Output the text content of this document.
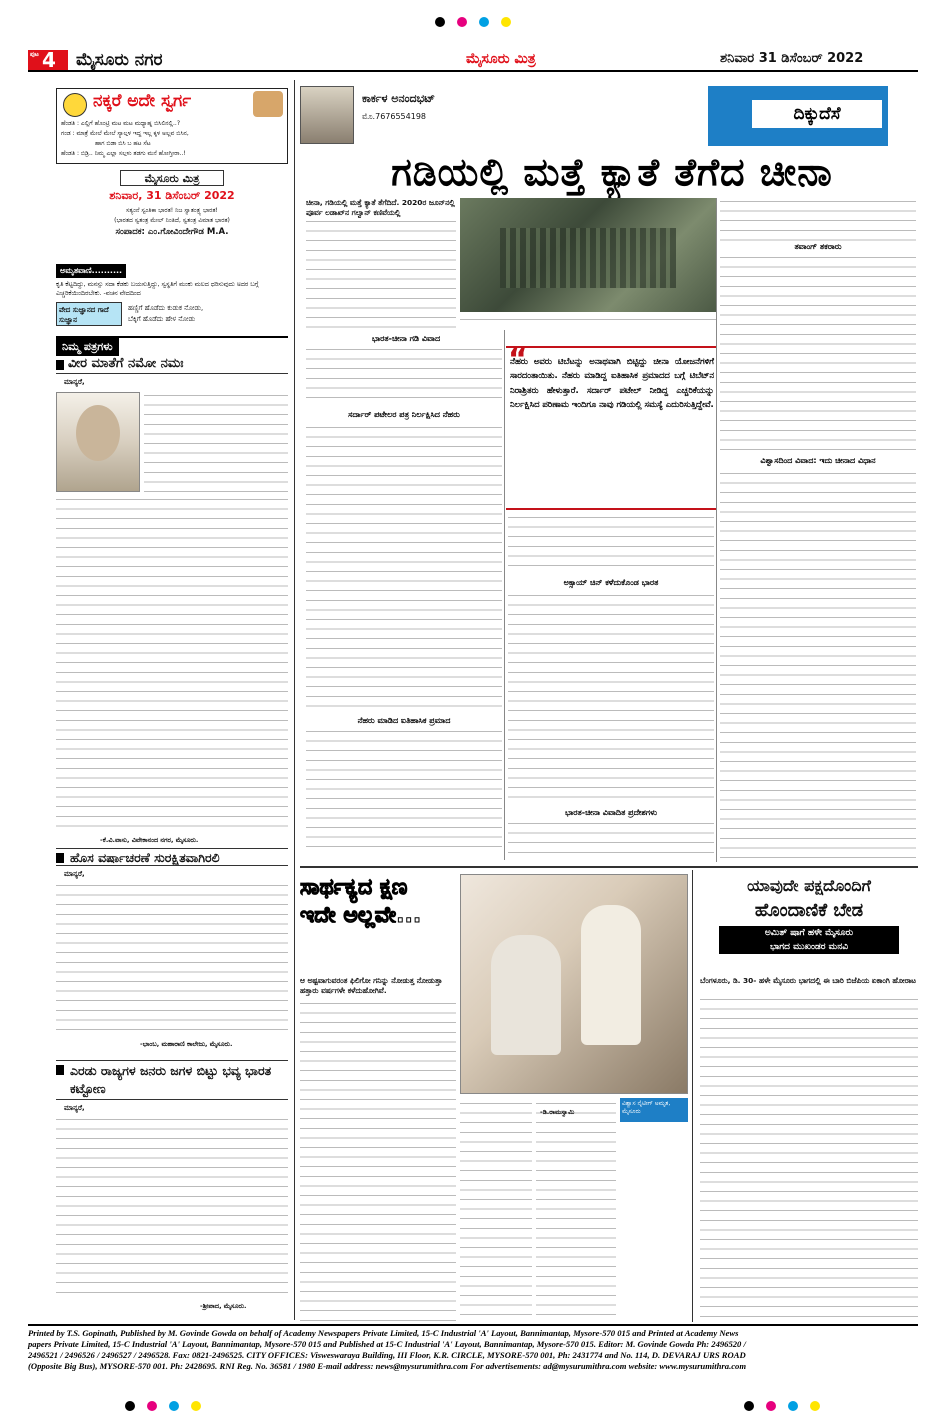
ಪುಟ 4 ಮೈಸೂರು ನಗರ	ಮೈಸೂರು ಮಿತ್ರ	ಶನಿವಾರ 31 ಡಿಸೆಂಬರ್ 2022
ನಕ್ಕರೆ ಅದೇ ಸ್ವರ್ಗ
ಹೆಂಡತಿ : ಎಲ್ಲಿಗೆ ಹೊಂಟ್ರಿ ಮಟ ಮಟ ಮಧ್ಯಾಹ್ನ ಬಿಸಿಲಿನಲ್ಲಿ..?
ಗಂಡ : ಮಾತ್ರೆ ಮೇಲೆ ಮೇಲೆ ಸ್ಯಾಲ್ಗಳ ಇದ್ದ ಇಲ್ಲ ಕ್ಕಳ ಅಲ್ಲವ ಬಿಸಿನ,
ಹಾಗ ಬಿಡಾ ಬಿಸಿ ಬ ಹಟ ಸೆಟ
ಹೆಂಡತಿ : ಬಿಡ್ರಿ.. ನಿಮ್ಮ ಎಲ್ಲಾ ಸಲ್ಗಳು ತಡಗು ಮನೆ ಹೋಗ್ತೀರಾ..!
ಮೈಸೂರು ಮಿತ್ರ
ಶನಿವಾರ, 31 ಡಿಸೆಂಬರ್ 2022
ಸತ್ಯಂನೆ ಸ್ವಂತಿಕಾ ಭಾರತ! ನಿಜ ಸ್ವಾತಂತ್ರ್ಯ ಭಾರತ!
(ಭಾರತದ ಸ್ವತಂತ್ರ ಮೇಲ್ ನಿಂತಿದೆ, ಸ್ವತಂತ್ರ ವಿಮಾತ ಭಾರತ)
ಸಂಪಾದಕ: ಎಂ.ಗೋವಿಂದೇಗೌಡ M.A.
ಅಮೃತವಾಣಿ..........
ಕೃತಿ ಕೆಟ್ಟದಿದ್ದು, ಮನಸ್ಸು ಸದಾ ಕೆಡಕು ಬಯಸುತ್ತಿದ್ದು, ಸ್ವಸ್ಥತಿಗೆ ಮಂಕು ಮಲದ ಧರಿಸುವುದು ಅದರ ಬಗ್ಗೆ ಎಚ್ಚರಿಕೆಯಿಂದಿರಬೇಕು. -ವಚನ ವೇದದಿಂದ
ವೇದ ಸುಜ್ಞಾನದ ಗಾದೆ ಸುಜ್ಞಾನ
ಹಣ್ಣಿಗೆ ಹೊಡೆದು ಕುಡುಕ ನೋಡು,
ಬೆಕ್ಕಿಗೆ ಹೊಡೆದು ಹೇಳ ನೋಡು
ನಿಮ್ಮ ಪತ್ರಗಳು
ವೀರ ಮಾತೆಗೆ ನಮೋ ನಮಃ
ಮಾನ್ಯರೆ,
-ಕೆ.ವಿ.ವಾಸು, ವಿವೇಕಾನಂದ ನಗರ, ಮೈಸೂರು.
ಹೊಸ ವರ್ಷಾಚರಣೆ ಸುರಕ್ಷಿತವಾಗಿರಲಿ
ಮಾನ್ಯರೆ,
-ಭಾಂಬ, ಮಹಾರಾಣಿ ಕಾಲೇಜು, ಮೈಸೂರು.
ಎರಡು ರಾಜ್ಯಗಳ ಜನರು ಜಗಳ ಬಿಟ್ಟು ಭವ್ಯ ಭಾರತ ಕಟ್ಟೋಣ
ಮಾನ್ಯರೆ,
-ಶ್ರೀಪಾದ, ಮೈಸೂರು.
ಕಾರ್ಕಳ ಅನಂದಭಟ್
ಮೊ.7676554198	ದಿಕ್ಕುದೆಸೆ
ಗಡಿಯಲ್ಲಿ ಮತ್ತೆ ಕ್ಯಾತೆ ತೆಗೆದ ಚೀನಾ
ಚೀನಾ, ಗಡಿಯಲ್ಲಿ ಮತ್ತೆ ಕ್ಯಾತೆ ತೆಗೆದಿದೆ. 2020ರ ಜೂನ್‌ನಲ್ಲಿ ಪೂರ್ವ ಲಡಾಖ್‌ನ ಗಲ್ವಾನ್ ಕಣಿವೆಯಲ್ಲಿ
ತವಾಂಗ್ ತಕರಾರು
“
ನೆಹರು ಅವರು ಟಿಬೆಟನ್ನು ಅನಾಥವಾಗಿ ಬಿಟ್ಟಿದ್ದು ಚೀನಾ ಯೋಜನೆಗಳಿಗೆ ಸಾರದಂತಾಯಿತು. ನೆಹರು ಮಾಡಿದ್ದ ಐತಿಹಾಸಿಕ ಪ್ರಮಾದದ ಬಗ್ಗೆ ಟಿಬೆಟ್‌ನ ನಿರಾಶ್ರಿತರು ಹೇಳುತ್ತಾರೆ. ಸರ್ದಾರ್ ಪಟೇಲ್ ನೀಡಿದ್ದ ಎಚ್ಚರಿಕೆಯನ್ನು ನಿರ್ಲಕ್ಷಿಸಿದ ಪರಿಣಾಮ ಇಂದಿಗೂ ನಾವು ಗಡಿಯಲ್ಲಿ ಸಮಸ್ಯೆ ಎದುರಿಸುತ್ತಿದ್ದೇವೆ.
ಭಾರತ-ಚೀನಾ ಗಡಿ ವಿವಾದ
ಸರ್ದಾರ್ ಪಟೇಲರ ಪತ್ರ ನಿರ್ಲಕ್ಷಿಸಿದ ನೆಹರು
ನೆಹರು ಮಾಡಿದ ಐತಿಹಾಸಿಕ ಪ್ರಮಾದ
ಅಕ್ಸಾಯ್ ಚಿನ್ ಕಳೆದುಕೊಂಡ ಭಾರತ
ಭಾರತ-ಚೀನಾ ವಿವಾದಿತ ಪ್ರದೇಶಗಳು
ವಿಶ್ವಾಸದಿಂದ ವಿವಾದ: ಇದು ಚೀನಾದ ವಿಧಾನ
ಸಾರ್ಥಕ್ಯದ ಕ್ಷಣ
ಇದೇ ಅಲ್ಲವೇ...
ವಿಶ್ವಾಸ ನೈಟೀಗ್ ಅಮೃತ, ಮೈಸೂರು
ಆ ಅಷ್ಟವಾಗುವರಂತ ಫಿಲಿಗೋ ಗನಿನ್ನು ನೋಡುತ್ತ ನೋಡುತ್ತಾ ಹತ್ತಾರು ವರ್ಷಗಳೇ ಕಳೆದುಹೋಗಿವೆ.
-ಡಿ.ರಾಮಸ್ವಾಮಿ
ಯಾವುದೇ ಪಕ್ಷದೊಂದಿಗೆ
ಹೊಂದಾಣಿಕೆ ಬೇಡ
ಅಮಿತ್ ಷಾಗೆ ಹಳೇ ಮೈಸೂರು
ಭಾಗದ ಮುಖಂಡರ ಮನವಿ
ಬೆಂಗಳೂರು, ಡಿ. 30- ಹಳೇ ಮೈಸೂರು ಭಾಗದಲ್ಲಿ ಈ ಬಾರಿ ಬಿಜೆಪಿಯ ಏಕಾಂಗಿ ಹೋರಾಟ
Printed by T.S. Gopinath, Published by M. Govinde Gowda on behalf of Academy Newspapers Private Limited, 15-C Industrial 'A' Layout, Bannimantap, Mysore-570 015 and Printed at Academy News
papers Private Limited, 15-C Industrial 'A' Layout, Bannimantap, Mysore-570 015 and Published at 15-C Industrial 'A' Layout, Bannimantap, Mysore-570 015. Editor: M. Govinde Gowda Ph: 2496520 /
2496521 / 2496526 / 2496527 / 2496528. Fax: 0821-2496525. CITY OFFICES: Visweswaraya Building, III Floor, K.R. CIRCLE, MYSORE-570 001, Ph: 2431774 and No. 114, D. DEVARAJ URS ROAD
(Opposite Big Bus), MYSORE-570 001. Ph: 2428695. RNI Reg. No. 36581 / 1980 E-mail address: news@mysurumithra.com For advertisements: ad@mysurumithra.com website: www.mysurumithra.com
